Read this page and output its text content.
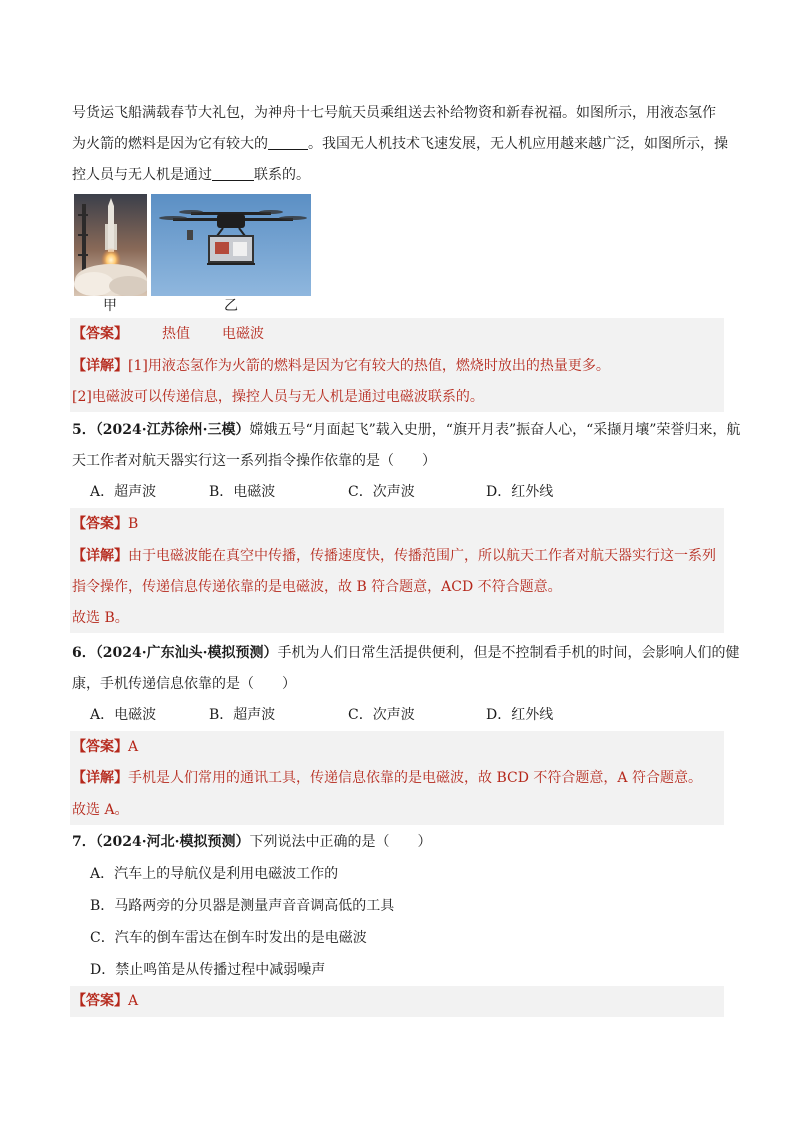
号货运飞船满载春节大礼包，为神舟十七号航天员乘组送去补给物资和新春祝福。如图所示，用液态氢作
为火箭的燃料是因为它有较大的	。我国无人机技术飞速发展，无人机应用越来越广泛，如图所示，操
控人员与无人机是通过	联系的。
甲	乙
【答案】 热值 电磁波
【详解】[1]用液态氢作为火箭的燃料是因为它有较大的热值，燃烧时放出的热量更多。
[2]电磁波可以传递信息，操控人员与无人机是通过电磁波联系的。
5．（2024·江苏徐州·三模）嫦娥五号“月面起飞”载入史册，“旗开月表”振奋人心，“采撷月壤”荣誉归来，航
天工作者对航天器实行这一系列指令操作依靠的是（　　）
A．超声波	B．电磁波	C．次声波	D．红外线
【答案】B
【详解】由于电磁波能在真空中传播，传播速度快，传播范围广，所以航天工作者对航天器实行这一系列
指令操作，传递信息传递依靠的是电磁波，故 B 符合题意，ACD 不符合题意。
故选 B。
6．（2024·广东汕头·模拟预测）手机为人们日常生活提供便利，但是不控制看手机的时间，会影响人们的健
康，手机传递信息依靠的是（　　）
A．电磁波	B．超声波	C．次声波	D．红外线
【答案】A
【详解】手机是人们常用的通讯工具，传递信息依靠的是电磁波，故 BCD 不符合题意，A 符合题意。
故选 A。
7．（2024·河北·模拟预测）下列说法中正确的是（　　）
A．汽车上的导航仪是利用电磁波工作的
B．马路两旁的分贝器是测量声音音调高低的工具
C．汽车的倒车雷达在倒车时发出的是电磁波
D．禁止鸣笛是从传播过程中减弱噪声
【答案】A
